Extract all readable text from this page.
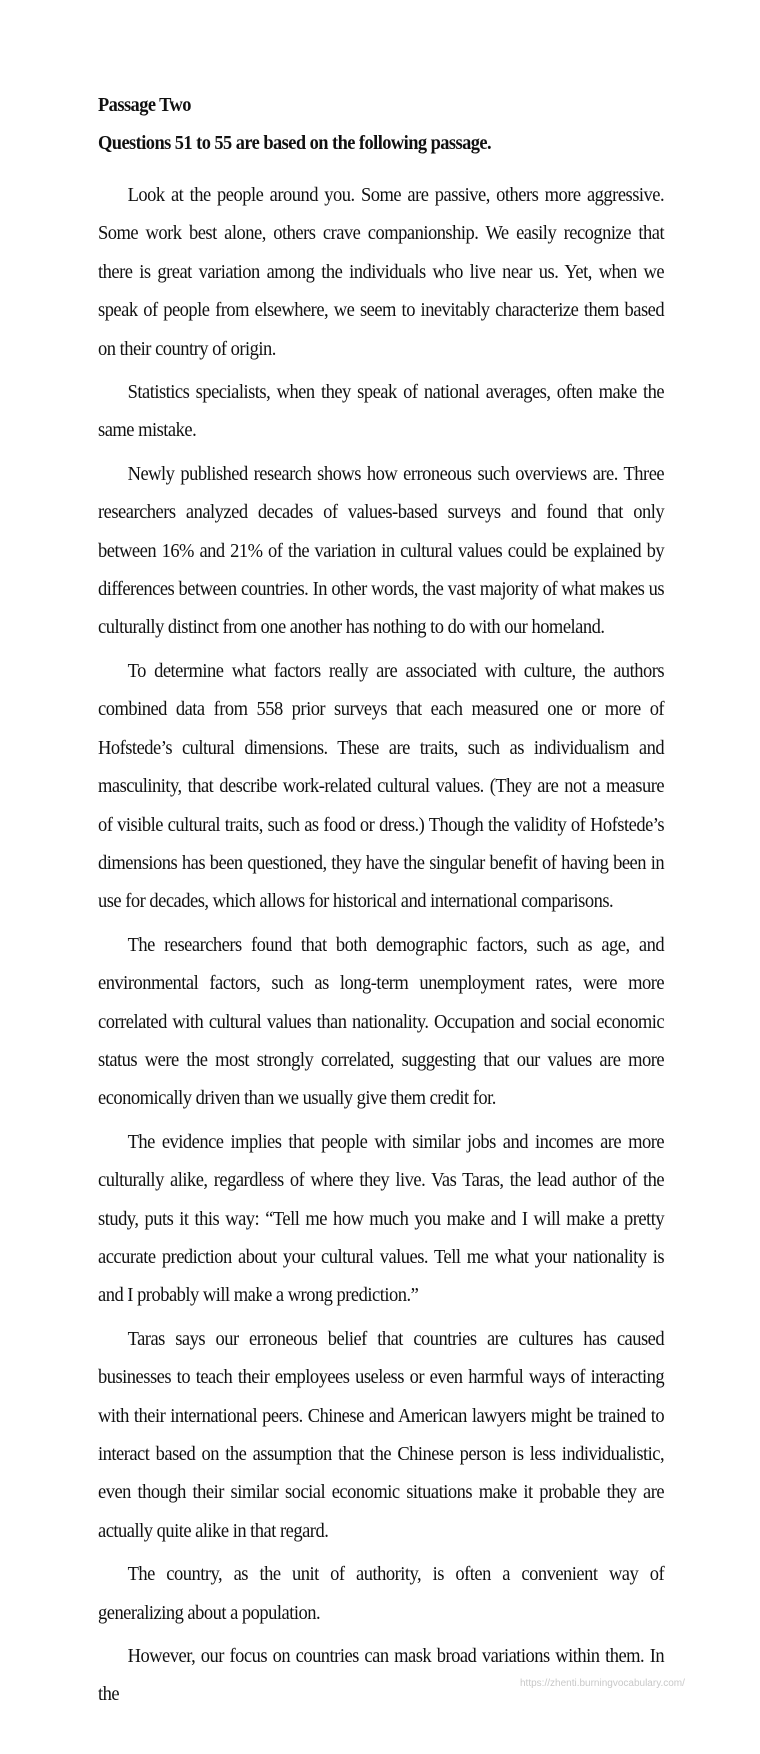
Passage Two
Questions 51 to 55 are based on the following passage.

Look at the people around you. Some are passive, others more aggressive. Some work best alone, others crave companionship. We easily recognize that there is great variation among the individuals who live near us. Yet, when we speak of people from elsewhere, we seem to inevitably characterize them based on their country of origin.

Statistics specialists, when they speak of national averages, often make the same mistake.

Newly published research shows how erroneous such overviews are. Three researchers analyzed decades of values-based surveys and found that only between 16% and 21% of the variation in cultural values could be explained by differences between countries. In other words, the vast majority of what makes us culturally distinct from one another has nothing to do with our homeland.

To determine what factors really are associated with culture, the authors combined data from 558 prior surveys that each measured one or more of Hofstede’s cultural dimensions. These are traits, such as individualism and masculinity, that describe work-related cultural values. (They are not a measure of visible cultural traits, such as food or dress.) Though the validity of Hofstede’s dimensions has been questioned, they have the singular benefit of having been in use for decades, which allows for historical and international comparisons.

The researchers found that both demographic factors, such as age, and environmental factors, such as long-term unemployment rates, were more correlated with cultural values than nationality. Occupation and social economic status were the most strongly correlated, suggesting that our values are more economically driven than we usually give them credit for.

The evidence implies that people with similar jobs and incomes are more culturally alike, regardless of where they live. Vas Taras, the lead author of the study, puts it this way: “Tell me how much you make and I will make a pretty accurate prediction about your cultural values. Tell me what your nationality is and I probably will make a wrong prediction.”

Taras says our erroneous belief that countries are cultures has caused businesses to teach their employees useless or even harmful ways of interacting with their international peers. Chinese and American lawyers might be trained to interact based on the assumption that the Chinese person is less individualistic, even though their similar social economic situations make it probable they are actually quite alike in that regard.

The country, as the unit of authority, is often a convenient way of generalizing about a population.

However, our focus on countries can mask broad variations within them. In the	https://zhenti.burningvocabulary.com/
